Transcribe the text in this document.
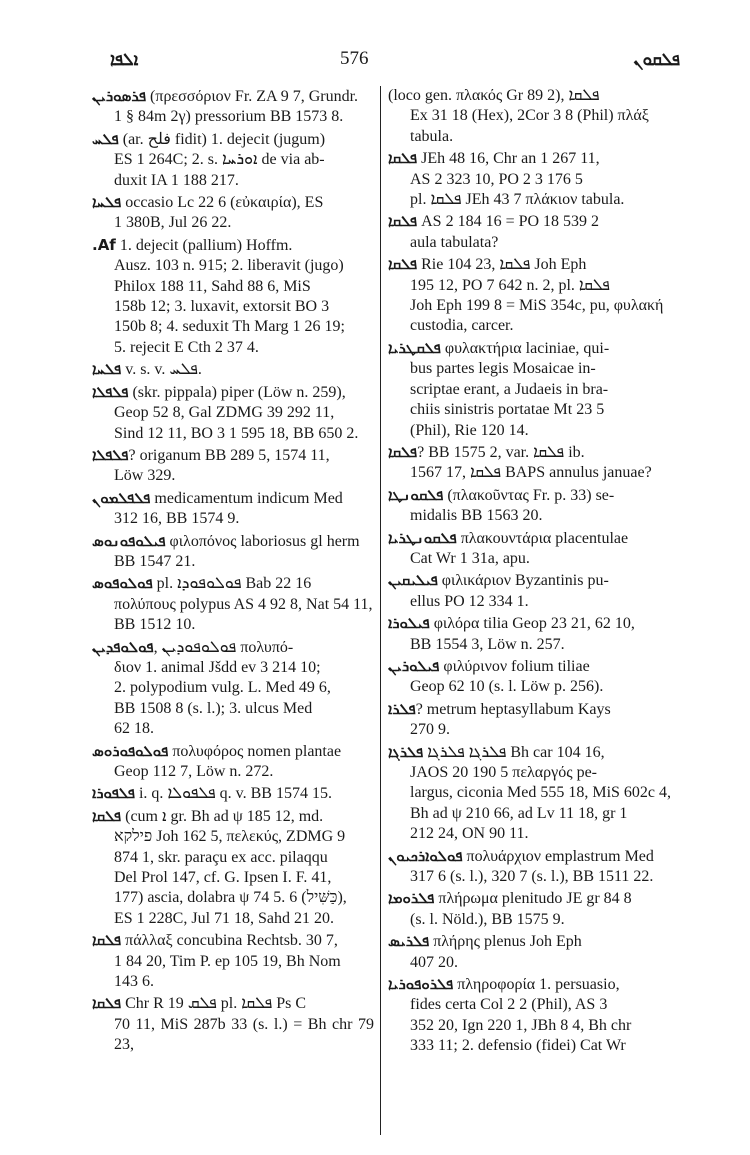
ܐܠܦܐ	576	ܦܠܩܘܢ
ܦܪܣܘܪܝܢ (πρεσσόριον Fr. ZA 9 7, Grundr.
1 § 84m 2γ) pressorium BB 1573 8.
ܦܠܚ (ar. فلح fidit) 1. dejecit (jugum)
ES 1 264C; 2. s. ܐܘܪܚܐ de via ab-
duxit IA 1 188 217.
ܦܠܚܐ occasio Lc 22 6 (εὐκαιρία), ES
1 380B, Jul 26 22.
Af. 1. dejecit (pallium) Hoffm.
Ausz. 103 n. 915; 2. liberavit (jugo)
Philox 188 11, Sahd 88 6, MiS
158b 12; 3. luxavit, extorsit BO 3
150b 8; 4. seduxit Th Marg 1 26 19;
5. rejecit E Cth 2 37 4.
ܦܠܚܐ v. s. v. ܦܠܚ.
ܦܠܦܠܐ (skr. pippala) piper (Löw n. 259),
Geop 52 8, Gal ZDMG 39 292 11,
Sind 12 11, BO 3 1 595 18, BB 650 2.
ܦܠܦܠܐ? origanum BB 289 5, 1574 11,
Löw 329.
ܦܠܦܠܡܘܢ medicamentum indicum Med
312 16, BB 1574 9.
ܦܝܠܘܦܘܢܘܣ φιλοπόνος laboriosus gl herm
BB 1547 21.
ܦܘܠܘܦܘܣ pl. ܦܘܠܘܦܘܕܐ Bab 22 16
πολύπους polypus AS 4 92 8, Nat 54 11,
BB 1512 10.
ܦܘܠܘܦܕܝܢ, ܦܘܠܘܦܘܕܝܢ πολυπό-
διον 1. animal Jšdd ev 3 214 10;
2. polypodium vulg. L. Med 49 6,
BB 1508 8 (s. l.); 3. ulcus Med
62 18.
ܦܘܠܘܦܘܪܘܣ πολυφόρος nomen plantae
Geop 112 7, Löw n. 272.
ܦܠܦܘܪܐ i. q. ܦܠܦܘܠܐ q. v. BB 1574 15.
ܦܠܩܐ (cum ܐ gr. Bh ad ψ 185 12, md.
פילקא Joh 162 5, πελεκύς, ZDMG 9
874 1, skr. paraçu ex acc. pilaqqu
Del Prol 147, cf. G. Ipsen I. F. 41,
177) ascia, dolabra ψ 74 5. 6 (כַּשִּׁיל),
ES 1 228C, Jul 71 18, Sahd 21 20.
ܦܠܩܐ πάλλαξ concubina Rechtsb. 30 7,
1 84 20, Tim P. ep 105 19, Bh Nom
143 6.
ܦܠܩܐ Chr R ܦܠܩ 19 pl. ܦܠܩܐ Ps C
70 11, MiS 287b 33 (s. l.) = Bh chr 79 23,
(loco gen. πλακός Gr 89 2), ܦܠܩܐ
Ex 31 18 (Hex), 2Cor 3 8 (Phil) πλάξ
tabula.
ܦܠܩܐ JEh 48 16, Chr an 1 267 11,
AS 2 323 10, PO 2 3 176 5
pl. ܦܠܩܐ JEh 43 7 πλάκιον tabula.
ܦܠܩܐ AS 2 184 16 = PO 18 539 2
aula tabulata?
ܦܠܩܐ Rie 104 23, ܦܠܩܐ Joh Eph
195 12, PO 7 642 n. 2, pl. ܦܠܩܐ
Joh Eph 199 8 = MiS 354c, pu, φυλακή
custodia, carcer.
ܦܠܩܛܪܝܐ φυλακτήρια laciniae, qui-
bus partes legis Mosaicae in-
scriptae erant, a Judaeis in bra-
chiis sinistris portatae Mt 23 5
(Phil), Rie 120 14.
ܦܠܩܐ? BB 1575 2, var. ܦܠܩܐ ib.
1567 17, ܦܠܩܐ BAPS annulus januae?
ܦܠܩܘܢܛܐ (πλακοῦντας Fr. p. 33) se-
midalis BB 1563 20.
ܦܠܩܘܢܛܪܝܐ πλακουντάρια placentulae
Cat Wr 1 31a, apu.
ܦܝܠܝܩܝܢ φιλικάριον Byzantinis pu-
ellus PO 12 334 1.
ܦܝܠܘܪܐ φιλόρα tilia Geop 23 21, 62 10,
BB 1554 3, Löw n. 257.
ܦܝܠܘܪܝܢ φιλύρινον folium tiliae
Geop 62 10 (s. l. Löw p. 256).
ܦܠܪܐ? metrum heptasyllabum Kays
270 9.
ܦܠܪܓܐ	ܦܠܪܓܐ ܦܠܪܓܐ Bh car 104 16,
JAOS 20 190 5 πελαργός pe-
largus, ciconia Med 555 18, MiS 602c 4,
Bh ad ψ 210 66, ad Lv 11 18, gr 1
212 24, ON 90 11.
ܦܘܠܘܐܪܟܝܘܢ πολυάρχιον emplastrum Med
317 6 (s. l.), 320 7 (s. l.), BB 1511 22.
ܦܠܪܘܡܐ πλήρωμα plenitudo JE gr 84 8
(s. l. Nöld.), BB 1575 9.
ܦܠܪܝܣ πλήρης plenus Joh Eph
407 20.
ܦܠܪܘܦܘܪܝܐ πληροφορία 1. persuasio,
fides certa Col 2 2 (Phil), AS 3
352 20, Ign 220 1, JBh 8 4, Bh chr
333 11; 2. defensio (fidei) Cat Wr
